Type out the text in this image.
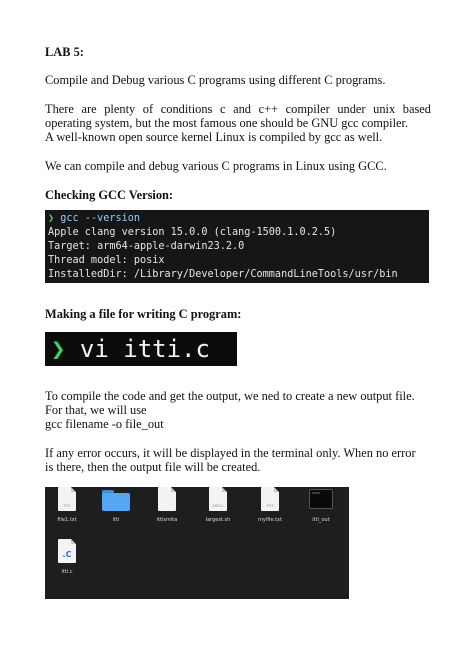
LAB 5:
Compile and Debug various C programs using different C programs.
There are plenty of conditions c and c++ compiler under unix based
operating system, but the most famous one should be GNU gcc compiler.
A well-known open source kernel Linux is compiled by gcc as well.
We can compile and debug various C programs in Linux using GCC.
Checking GCC Version:
❯ gcc --version
Apple clang version 15.0.0 (clang-1500.1.0.2.5)
Target: arm64-apple-darwin23.2.0
Thread model: posix
InstalledDir: /Library/Developer/CommandLineTools/usr/bin
Making a file for writing C program:
❯ vi itti.c
To compile the code and get the output, we ned to create a new output file.
For that, we will use
gcc filename -o file_out
If any error occurs, it will be displayed in the terminal only. When no error
is there, then the output file will be created.
TXT
file1.txt	itti	ittismita
SHELL
largest.sh
TXT
myfile.txt
exec
itti_out
.C
itti.c
